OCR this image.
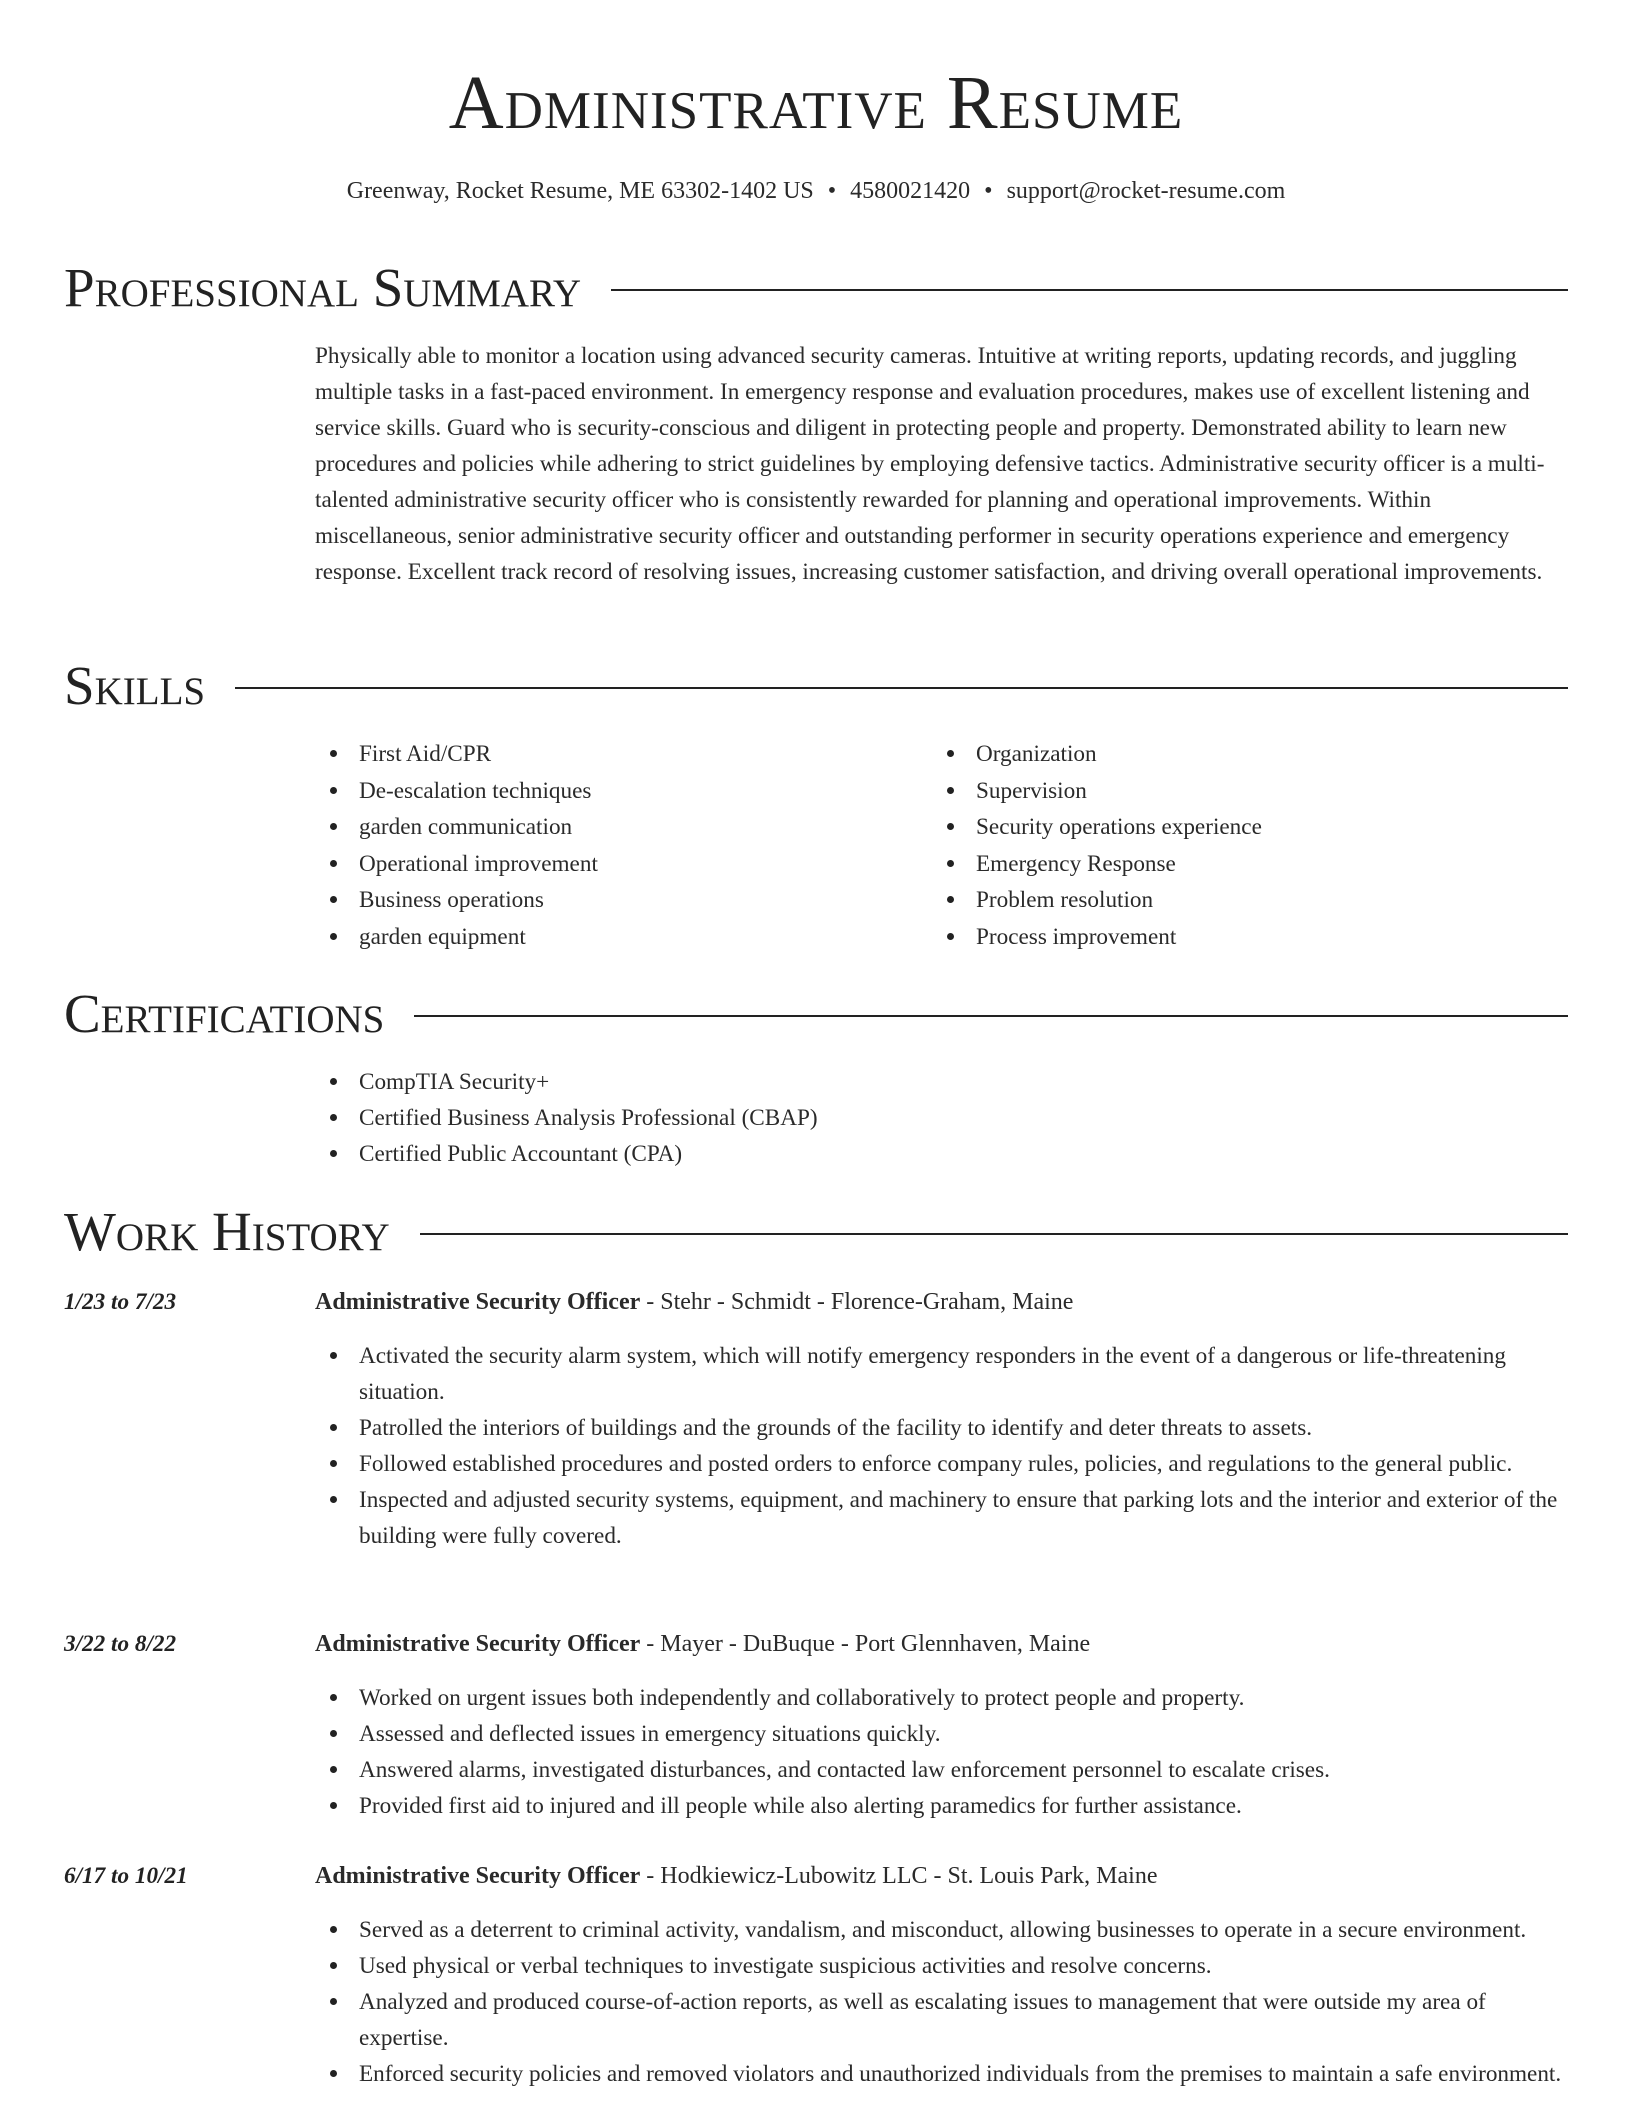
Administrative Resume
Greenway, Rocket Resume, ME 63302-1402 US • 4580021420 • support@rocket-resume.com
Professional Summary

Physically able to monitor a location using advanced security cameras. Intuitive at writing reports, updating records, and juggling multiple tasks in a fast-paced environment. In emergency response and evaluation procedures, makes use of excellent listening and service skills. Guard who is security-conscious and diligent in protecting people and property. Demonstrated ability to learn new procedures and policies while adhering to strict guidelines by employing defensive tactics. Administrative security officer is a multi-talented administrative security officer who is consistently rewarded for planning and operational improvements. Within miscellaneous, senior administrative security officer and outstanding performer in security operations experience and emergency response. Excellent track record of resolving issues, increasing customer satisfaction, and driving overall operational improvements.

Skills
First Aid/CPR
De-escalation techniques
garden communication
Operational improvement
Business operations
garden equipment
Organization
Supervision
Security operations experience
Emergency Response
Problem resolution
Process improvement
Certifications
CompTIA Security+
Certified Business Analysis Professional (CBAP)
Certified Public Accountant (CPA)
Work History
1/23 to 7/23	Administrative Security Officer - Stehr - Schmidt - Florence-Graham, Maine
Activated the security alarm system, which will notify emergency responders in the event of a dangerous or life-threatening situation.
Patrolled the interiors of buildings and the grounds of the facility to identify and deter threats to assets.
Followed established procedures and posted orders to enforce company rules, policies, and regulations to the general public.
Inspected and adjusted security systems, equipment, and machinery to ensure that parking lots and the interior and exterior of the building were fully covered.
3/22 to 8/22	Administrative Security Officer - Mayer - DuBuque - Port Glennhaven, Maine
Worked on urgent issues both independently and collaboratively to protect people and property.
Assessed and deflected issues in emergency situations quickly.
Answered alarms, investigated disturbances, and contacted law enforcement personnel to escalate crises.
Provided first aid to injured and ill people while also alerting paramedics for further assistance.
6/17 to 10/21	Administrative Security Officer - Hodkiewicz-Lubowitz LLC - St. Louis Park, Maine
Served as a deterrent to criminal activity, vandalism, and misconduct, allowing businesses to operate in a secure environment.
Used physical or verbal techniques to investigate suspicious activities and resolve concerns.
Analyzed and produced course-of-action reports, as well as escalating issues to management that were outside my area of expertise.
Enforced security policies and removed violators and unauthorized individuals from the premises to maintain a safe environment.
